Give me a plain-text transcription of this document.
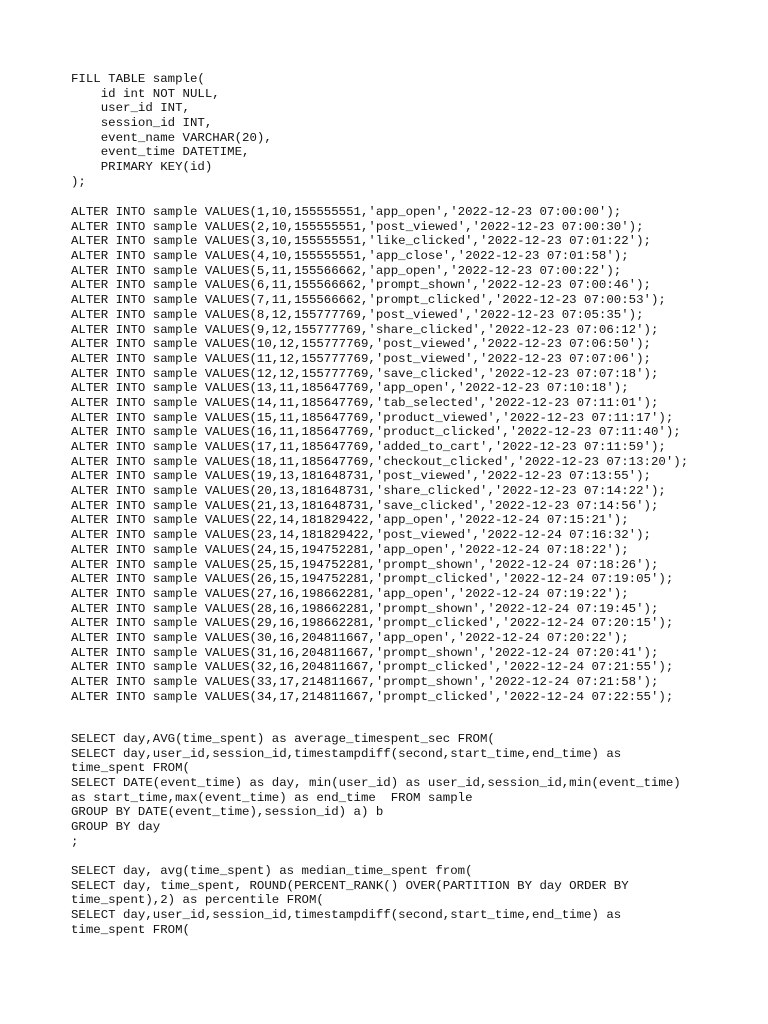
FILL TABLE sample(
id int NOT NULL,
user_id INT,
session_id INT,
event_name VARCHAR(20),
event_time DATETIME,
PRIMARY KEY(id)
);
ALTER INTO sample VALUES(1,10,155555551,'app_open','2022-12-23 07:00:00');
ALTER INTO sample VALUES(2,10,155555551,'post_viewed','2022-12-23 07:00:30');
ALTER INTO sample VALUES(3,10,155555551,'like_clicked','2022-12-23 07:01:22');
ALTER INTO sample VALUES(4,10,155555551,'app_close','2022-12-23 07:01:58');
ALTER INTO sample VALUES(5,11,155566662,'app_open','2022-12-23 07:00:22');
ALTER INTO sample VALUES(6,11,155566662,'prompt_shown','2022-12-23 07:00:46');
ALTER INTO sample VALUES(7,11,155566662,'prompt_clicked','2022-12-23 07:00:53');
ALTER INTO sample VALUES(8,12,155777769,'post_viewed','2022-12-23 07:05:35');
ALTER INTO sample VALUES(9,12,155777769,'share_clicked','2022-12-23 07:06:12');
ALTER INTO sample VALUES(10,12,155777769,'post_viewed','2022-12-23 07:06:50');
ALTER INTO sample VALUES(11,12,155777769,'post_viewed','2022-12-23 07:07:06');
ALTER INTO sample VALUES(12,12,155777769,'save_clicked','2022-12-23 07:07:18');
ALTER INTO sample VALUES(13,11,185647769,'app_open','2022-12-23 07:10:18');
ALTER INTO sample VALUES(14,11,185647769,'tab_selected','2022-12-23 07:11:01');
ALTER INTO sample VALUES(15,11,185647769,'product_viewed','2022-12-23 07:11:17');
ALTER INTO sample VALUES(16,11,185647769,'product_clicked','2022-12-23 07:11:40');
ALTER INTO sample VALUES(17,11,185647769,'added_to_cart','2022-12-23 07:11:59');
ALTER INTO sample VALUES(18,11,185647769,'checkout_clicked','2022-12-23 07:13:20');
ALTER INTO sample VALUES(19,13,181648731,'post_viewed','2022-12-23 07:13:55');
ALTER INTO sample VALUES(20,13,181648731,'share_clicked','2022-12-23 07:14:22');
ALTER INTO sample VALUES(21,13,181648731,'save_clicked','2022-12-23 07:14:56');
ALTER INTO sample VALUES(22,14,181829422,'app_open','2022-12-24 07:15:21');
ALTER INTO sample VALUES(23,14,181829422,'post_viewed','2022-12-24 07:16:32');
ALTER INTO sample VALUES(24,15,194752281,'app_open','2022-12-24 07:18:22');
ALTER INTO sample VALUES(25,15,194752281,'prompt_shown','2022-12-24 07:18:26');
ALTER INTO sample VALUES(26,15,194752281,'prompt_clicked','2022-12-24 07:19:05');
ALTER INTO sample VALUES(27,16,198662281,'app_open','2022-12-24 07:19:22');
ALTER INTO sample VALUES(28,16,198662281,'prompt_shown','2022-12-24 07:19:45');
ALTER INTO sample VALUES(29,16,198662281,'prompt_clicked','2022-12-24 07:20:15');
ALTER INTO sample VALUES(30,16,204811667,'app_open','2022-12-24 07:20:22');
ALTER INTO sample VALUES(31,16,204811667,'prompt_shown','2022-12-24 07:20:41');
ALTER INTO sample VALUES(32,16,204811667,'prompt_clicked','2022-12-24 07:21:55');
ALTER INTO sample VALUES(33,17,214811667,'prompt_shown','2022-12-24 07:21:58');
ALTER INTO sample VALUES(34,17,214811667,'prompt_clicked','2022-12-24 07:22:55');
SELECT day,AVG(time_spent) as average_timespent_sec FROM(
SELECT day,user_id,session_id,timestampdiff(second,start_time,end_time) as
time_spent FROM(
SELECT DATE(event_time) as day, min(user_id) as user_id,session_id,min(event_time)
as start_time,max(event_time) as end_time  FROM sample
GROUP BY DATE(event_time),session_id) a) b
GROUP BY day
;
SELECT day, avg(time_spent) as median_time_spent from(
SELECT day, time_spent, ROUND(PERCENT_RANK() OVER(PARTITION BY day ORDER BY
time_spent),2) as percentile FROM(
SELECT day,user_id,session_id,timestampdiff(second,start_time,end_time) as
time_spent FROM(
